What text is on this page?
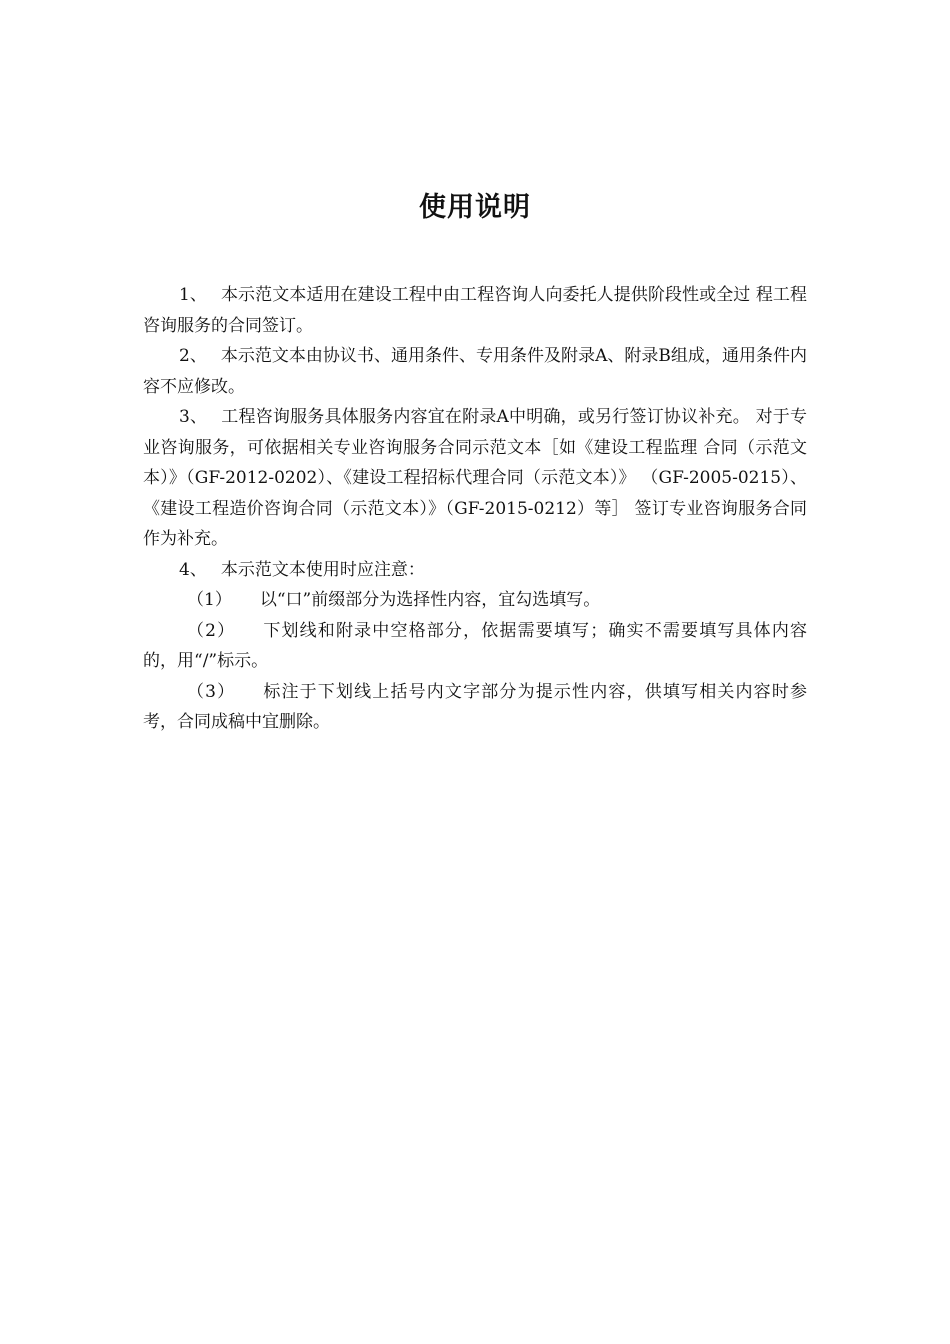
使用说明

1、 本示范文本适用在建设工程中由工程咨询人向委托人提供阶段性或全过 程工程咨询服务的合同签订。

2、 本示范文本由协议书、通用条件、专用条件及附录A、附录B组成，通用条件内容不应修改。

3、 工程咨询服务具体服务内容宜在附录A中明确，或另行签订协议补充。 对于专业咨询服务，可依据相关专业咨询服务合同示范文本［如《建设工程监理 合同（示范文本）》（GF-2012-0202）、《建设工程招标代理合同（示范文本）》 （GF-2005-0215）、《建设工程造价咨询合同（示范文本）》（GF-2015-0212）等］ 签订专业咨询服务合同作为补充。

4、 本示范文本使用时应注意：

（1） 以“口”前缀部分为选择性内容，宜勾选填写。

（2） 下划线和附录中空格部分，依据需要填写；确实不需要填写具体内容 的，用“/”标示。

（3） 标注于下划线上括号内文字部分为提示性内容，供填写相关内容时参 考，合同成稿中宜删除。
